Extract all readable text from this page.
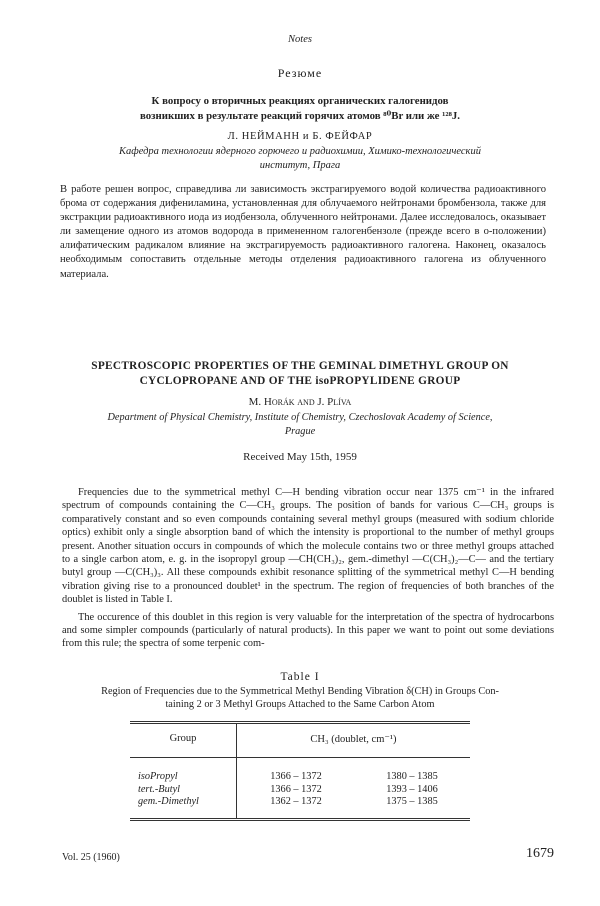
Notes
Резюме
К вопросу о вторичных реакциях органических галогенидов
возникших в результате реакций горячих атомов ⁸⁰Br или же ¹²⁸J.
Л. НЕЙМАНН и Б. ФЕЙФАР
Кафедра технологии ядерного горючего и радиохимии, Химико-технологический
институт, Прага
В работе решен вопрос, справедлива ли зависимость экстрагируемого водой количества радиоактивного брома от содержания дифениламина, установленная для облучаемого нейтронами бромбензола, также для экстракции радиоактивного иода из иодбензола, облученного нейтронами. Далее исследовалось, оказывает ли замещение одного из атомов водорода в примененном галогенбензоле (прежде всего в o-положении) алифатическим радикалом влияние на экстрагируемость радиоактивного галогена. Наконец, оказалось необходимым сопоставить отдельные методы отделения радиоактивного галогена из облученного материала.
SPECTROSCOPIC PROPERTIES OF THE GEMINAL DIMETHYL GROUP ON
CYCLOPROPANE AND OF THE isoPROPYLIDENE GROUP
M. Horák and J. Plíva
Department of Physical Chemistry, Institute of Chemistry, Czechoslovak Academy of Science,
Prague
Received May 15th, 1959

Frequencies due to the symmetrical methyl C—H bending vibration occur near 1375 cm⁻¹ in the infrared spectrum of compounds containing the C—CH₃ groups. The position of bands for various C—CH₃ groups is comparatively constant and so even compounds containing several methyl groups (measured with sodium chloride optics) exhibit only a single absorption band of which the intensity is proportional to the number of methyl groups present. Another situation occurs in compounds of which the molecule contains two or three methyl groups attached to a single carbon atom, e. g. in the isopropyl group —CH(CH₃)₂, gem.-dimethyl —C(CH₃)₂—C— and the tertiary butyl group —C(CH₃)₃. All these compounds exhibit resonance splitting of the symmetrical methyl C—H bending vibration giving rise to a pronounced doublet¹ in the spectrum. The region of frequencies of both branches of the doublet is listed in Table I.

The occurence of this doublet in this region is very valuable for the interpretation of the spectra of hydrocarbons and some simpler compounds (particularly of natural products). In this paper we want to point out some deviations from this rule; the spectra of some terpenic com-

Table I
Region of Frequencies due to the Symmetrical Methyl Bending Vibration δ(CH) in Groups Con-
taining 2 or 3 Methyl Groups Attached to the Same Carbon Atom
Group	CH₃ (doublet, cm⁻¹)
isoPropyl
tert.-Butyl
gem.-Dimethyl
1366 – 1372
1366 – 1372
1362 – 1372
1380 – 1385
1393 – 1406
1375 – 1385
Vol. 25 (1960)	1679
